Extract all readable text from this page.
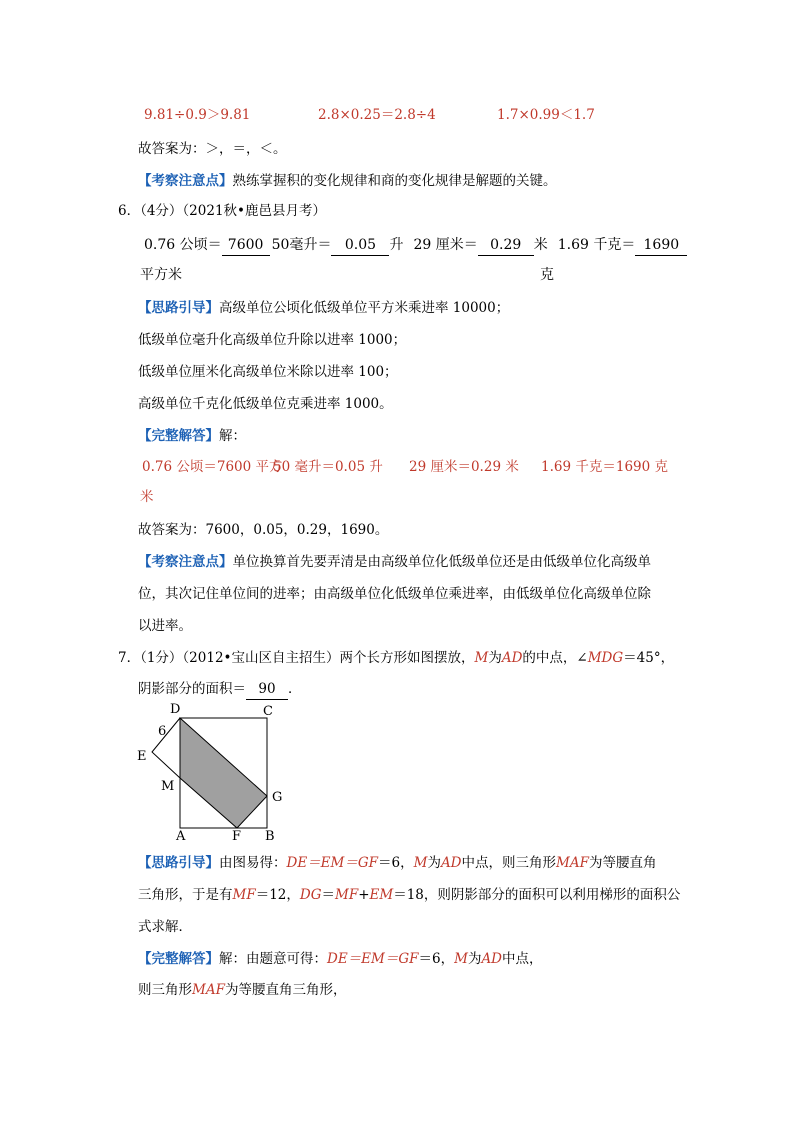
9.81÷0.9＞9.81	2.8×0.25＝2.8÷4	1.7×0.99＜1.7
故答案为：＞，＝，＜。
【考察注意点】熟练掌握积的变化规律和商的变化规律是解题的关键。
6．（4分）（2021秋•鹿邑县月考）
0.76 公顷＝ 7600 50毫升＝ 0.05 升 29 厘米＝ 0.29 米 1.69 千克＝ 1690
平方米	克
【思路引导】高级单位公顷化低级单位平方米乘进率 10000；
低级单位毫升化高级单位升除以进率 1000；
低级单位厘米化高级单位米除以进率 100；
高级单位千克化低级单位克乘进率 1000。
【完整解答】解：
0.76 公顷＝7600 平方
50 毫升＝0.05 升 29 厘米＝0.29 米 1.69 千克＝1690 克
米
故答案为：7600，0.05，0.29，1690。
【考察注意点】单位换算首先要弄清是由高级单位化低级单位还是由低级单位化高级单
位，其次记住单位间的进率；由高级单位化低级单位乘进率，由低级单位化高级单位除
以进率。
7．（1分）（2012•宝山区自主招生）两个长方形如图摆放，M为AD的中点，∠MDG＝45°，
阴影部分的面积＝ 90 ．
D	C
6
E
M
G
A	F B
【思路引导】由图易得：DE＝EM＝GF＝6，M为AD中点，则三角形MAF为等腰直角
三角形，于是有MF＝12，DG＝MF+EM＝18，则阴影部分的面积可以利用梯形的面积公
式求解．
【完整解答】解：由题意可得：DE＝EM＝GF＝6，M为AD中点，
则三角形MAF为等腰直角三角形，
